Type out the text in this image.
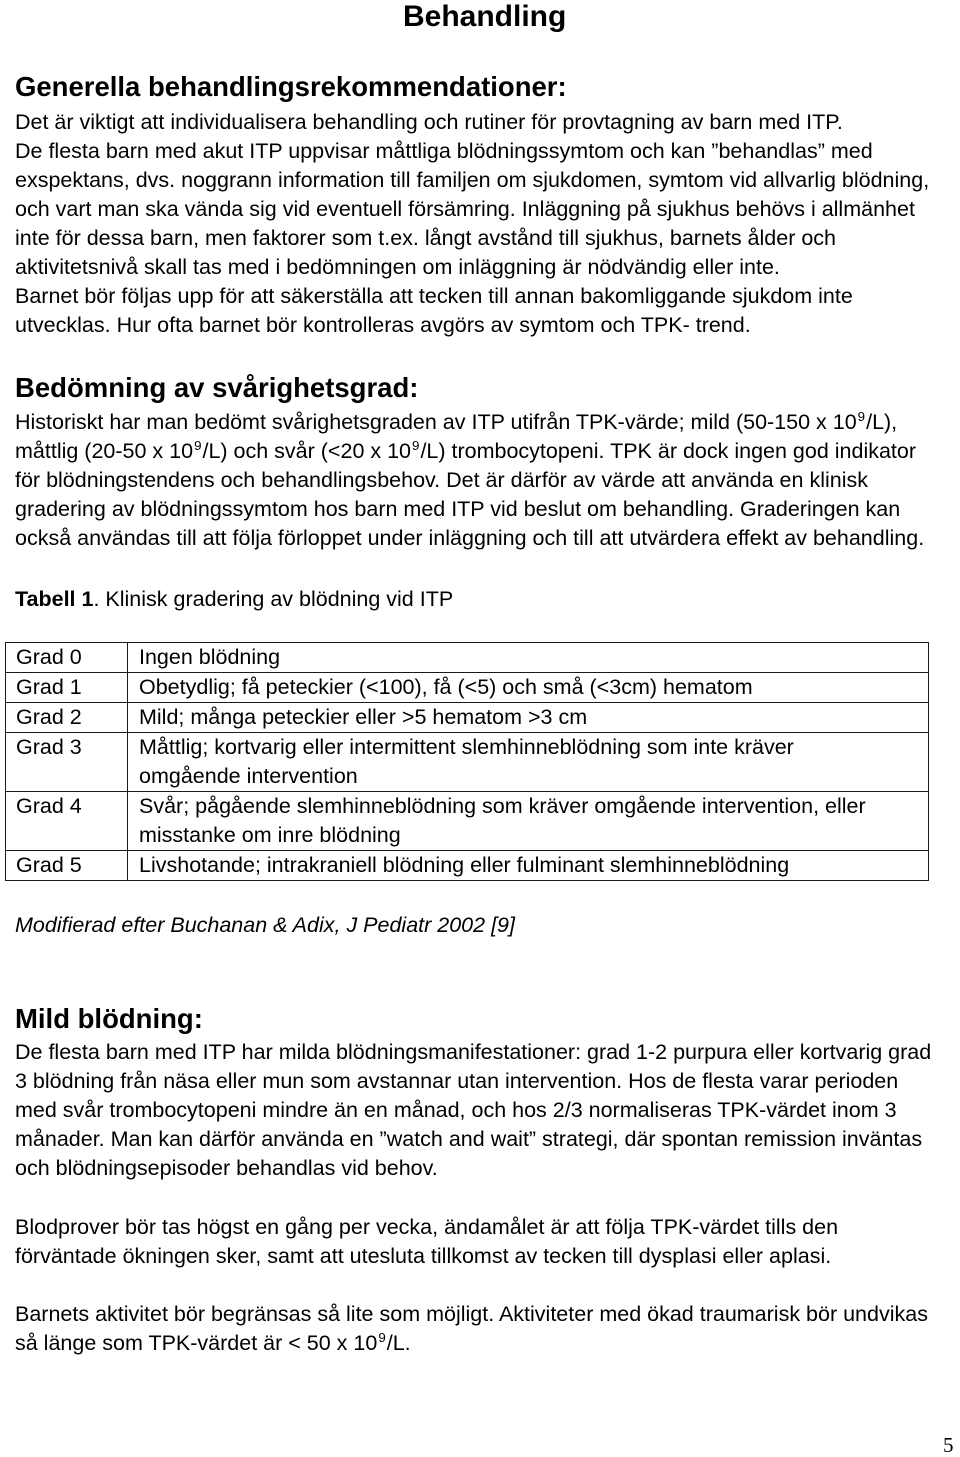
Behandling
Generella behandlingsrekommendationer:
Det är viktigt att individualisera behandling och rutiner för provtagning av barn med ITP.
De flesta barn med akut ITP uppvisar måttliga blödningssymtom och kan ”behandlas” med
exspektans, dvs. noggrann information till familjen om sjukdomen, symtom vid allvarlig blödning,
och vart man ska vända sig vid eventuell försämring. Inläggning på sjukhus behövs i allmänhet
inte för dessa barn, men faktorer som t.ex. långt avstånd till sjukhus, barnets ålder och
aktivitetsnivå skall tas med i bedömningen om inläggning är nödvändig eller inte.
Barnet bör följas upp för att säkerställa att tecken till annan bakomliggande sjukdom inte
utvecklas. Hur ofta barnet bör kontrolleras avgörs av symtom och TPK- trend.
Bedömning av svårighetsgrad:
Historiskt har man bedömt svårighetsgraden av ITP utifrån TPK-värde; mild (50-150 x $10^9/L$),
måttlig (20-50 x $10^9/L$) och svår (<20 x $10^9/L$) trombocytopeni. TPK är dock ingen god indikator
för blödningstendens och behandlingsbehov. Det är därför av värde att använda en klinisk
gradering av blödningssymtom hos barn med ITP vid beslut om behandling. Graderingen kan
också användas till att följa förloppet under inläggning och till att utvärdera effekt av behandling.
Tabell 1. Klinisk gradering av blödning vid ITP
Grad 0	Ingen blödning

Grad 1	Obetydlig; få peteckier (<100), få (<5) och små (<3cm) hematom

Grad 2	Mild; många peteckier eller >5 hematom >3 cm

Grad 3	Måttlig; kortvarig eller intermittent slemhinneblödning som inte kräver
omgående intervention

Grad 4	Svår; pågående slemhinneblödning som kräver omgående intervention, eller
misstanke om inre blödning

Grad 5	Livshotande; intrakraniell blödning eller fulminant slemhinneblödning
Modifierad efter Buchanan & Adix, J Pediatr 2002 [9]
Mild blödning:
De flesta barn med ITP har milda blödningsmanifestationer: grad 1-2 purpura eller kortvarig grad
3 blödning från näsa eller mun som avstannar utan intervention. Hos de flesta varar perioden
med svår trombocytopeni mindre än en månad, och hos 2/3 normaliseras TPK-värdet inom 3
månader. Man kan därför använda en ”watch and wait” strategi, där spontan remission inväntas
och blödningsepisoder behandlas vid behov.
Blodprover bör tas högst en gång per vecka, ändamålet är att följa TPK-värdet tills den
förväntade ökningen sker, samt att utesluta tillkomst av tecken till dysplasi eller aplasi.
Barnets aktivitet bör begränsas så lite som möjligt. Aktiviteter med ökad traumarisk bör undvikas
så länge som TPK-värdet är < 50 x $10^9/L$.
5
